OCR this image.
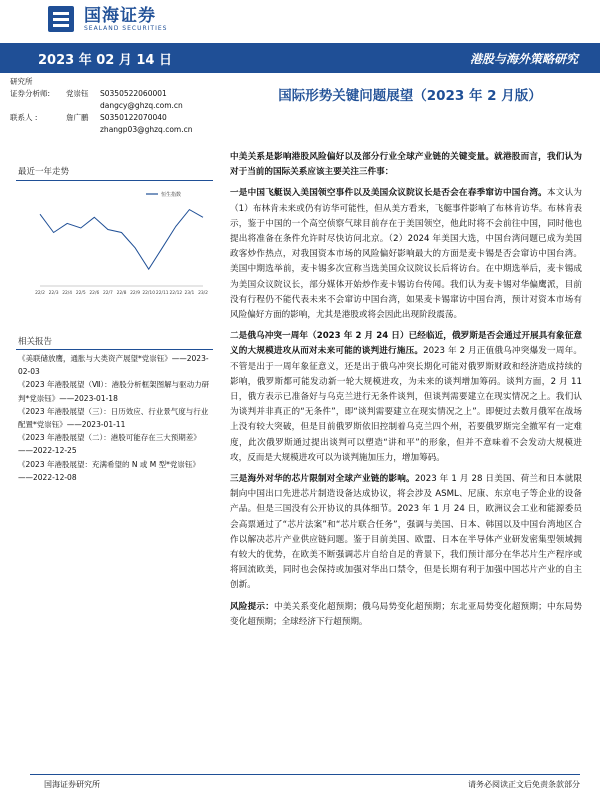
国海证券
SEALAND SECURITIES
2023 年 02 月 14 日	港股与海外策略研究
研究所
证券分析师:	党崇钰	S0350522060001
dangcy@ghzq.com.cn
联系人 :	詹广鹏	S0350122070040
zhangp03@ghzq.com.cn
最近一年走势
恒生指数
22/2 22/3 22/4 22/5 22/6 22/7 22/8 22/9 22/10 22/11 22/12 23/1 23/2
相关报告

《美联储放鹰，通胀与大类资产展望*党崇钰》——2023-02-03

《2023 年港股展望（Ⅶ）：港股分析框架图解与驱动力研判*党崇钰》——2023-01-18

《2023 年港股展望（三）：日历效应、行业景气度与行业配置*党崇钰》——2023-01-11

《2023 年港股展望（二）：港股可能存在三大预期差》——2022-12-25

《2023 年港股展望：充满希望的 N 或 M 型*党崇钰》——2022-12-08

国际形势关键问题展望（2023 年 2 月版）

中美关系是影响港股风险偏好以及部分行业全球产业链的关键变量。就港股而言，我们认为对于当前的国际关系应该主要关注三件事：

一是中国飞艇误入美国领空事件以及美国众议院议长是否会在春季窜访中国台湾。本文认为（1）布林肯未来或仍有访华可能性，但从美方看来，飞艇事件影响了布林肯访华。布林肯表示，鉴于中国的一个高空侦察气球目前存在于美国领空，他此时将不会前往中国，同时他也提出将准备在条件允许时尽快访问北京。（2）2024 年美国大选，中国台湾问题已成为美国政客炒作热点，对我国资本市场的风险偏好影响最大的方面是麦卡锡是否会窜访中国台湾。美国中期选举前，麦卡锡多次宣称当选美国众议院议长后将访台。在中期选举后，麦卡锡成为美国众议院议长，部分媒体开始炒作麦卡锡访台传闻。我们认为麦卡锡对华偏鹰派，目前没有行程仍不能代表未来不会窜访中国台湾，如果麦卡锡窜访中国台湾，预计对资本市场有风险偏好方面的影响，尤其是港股或将会因此出现阶段震荡。

二是俄乌冲突一周年（2023 年 2 月 24 日）已经临近，俄罗斯是否会通过开展具有象征意义的大规模进攻从而对未来可能的谈判进行施压。2023 年 2 月正值俄乌冲突爆发一周年。不管是出于一周年象征意义，还是出于俄乌冲突长期化可能对俄罗斯财政和经济造成持续的影响，俄罗斯都可能发动新一轮大规模进攻，为未来的谈判增加筹码。谈判方面，2 月 11 日，俄方表示已准备好与乌克兰进行无条件谈判，但谈判需要建立在现实情况之上。我们认为谈判并非真正的“无条件”，即“谈判需要建立在现实情况之上”。即便过去数月俄军在战场上没有较大突破，但是目前俄罗斯依旧控制着乌克兰四个州，若要俄罗斯完全撤军有一定难度，此次俄罗斯通过提出谈判可以塑造“讲和平”的形象，但并不意味着不会发动大规模进攻，反而是大规模进攻可以为谈判施加压力，增加筹码。

三是海外对华的芯片限制对全球产业链的影响。2023 年 1 月 28 日美国、荷兰和日本就限制向中国出口先进芯片制造设备达成协议，将会涉及 ASML、尼康、东京电子等企业的设备产品。但是三国没有公开协议的具体细节。2023 年 1 月 24 日，欧洲议会工业和能源委员会高票通过了“芯片法案”和“芯片联合任务”，强调与美国、日本、韩国以及中国台湾地区合作以解决芯片产业供应链问题。鉴于目前美国、欧盟、日本在半导体产业研发密集型领域拥有较大的优势，在欧美不断强调芯片自给自足的背景下，我们预计部分在华芯片生产程序或将回流欧美，同时也会保持或加强对华出口禁令，但是长期有利于加强中国芯片产业的自主创新。

风险提示：中美关系变化超预期；俄乌局势变化超预期；东北亚局势变化超预期；中东局势变化超预期；全球经济下行超预期。

国海证券研究所	请务必阅读正文后免责条款部分
